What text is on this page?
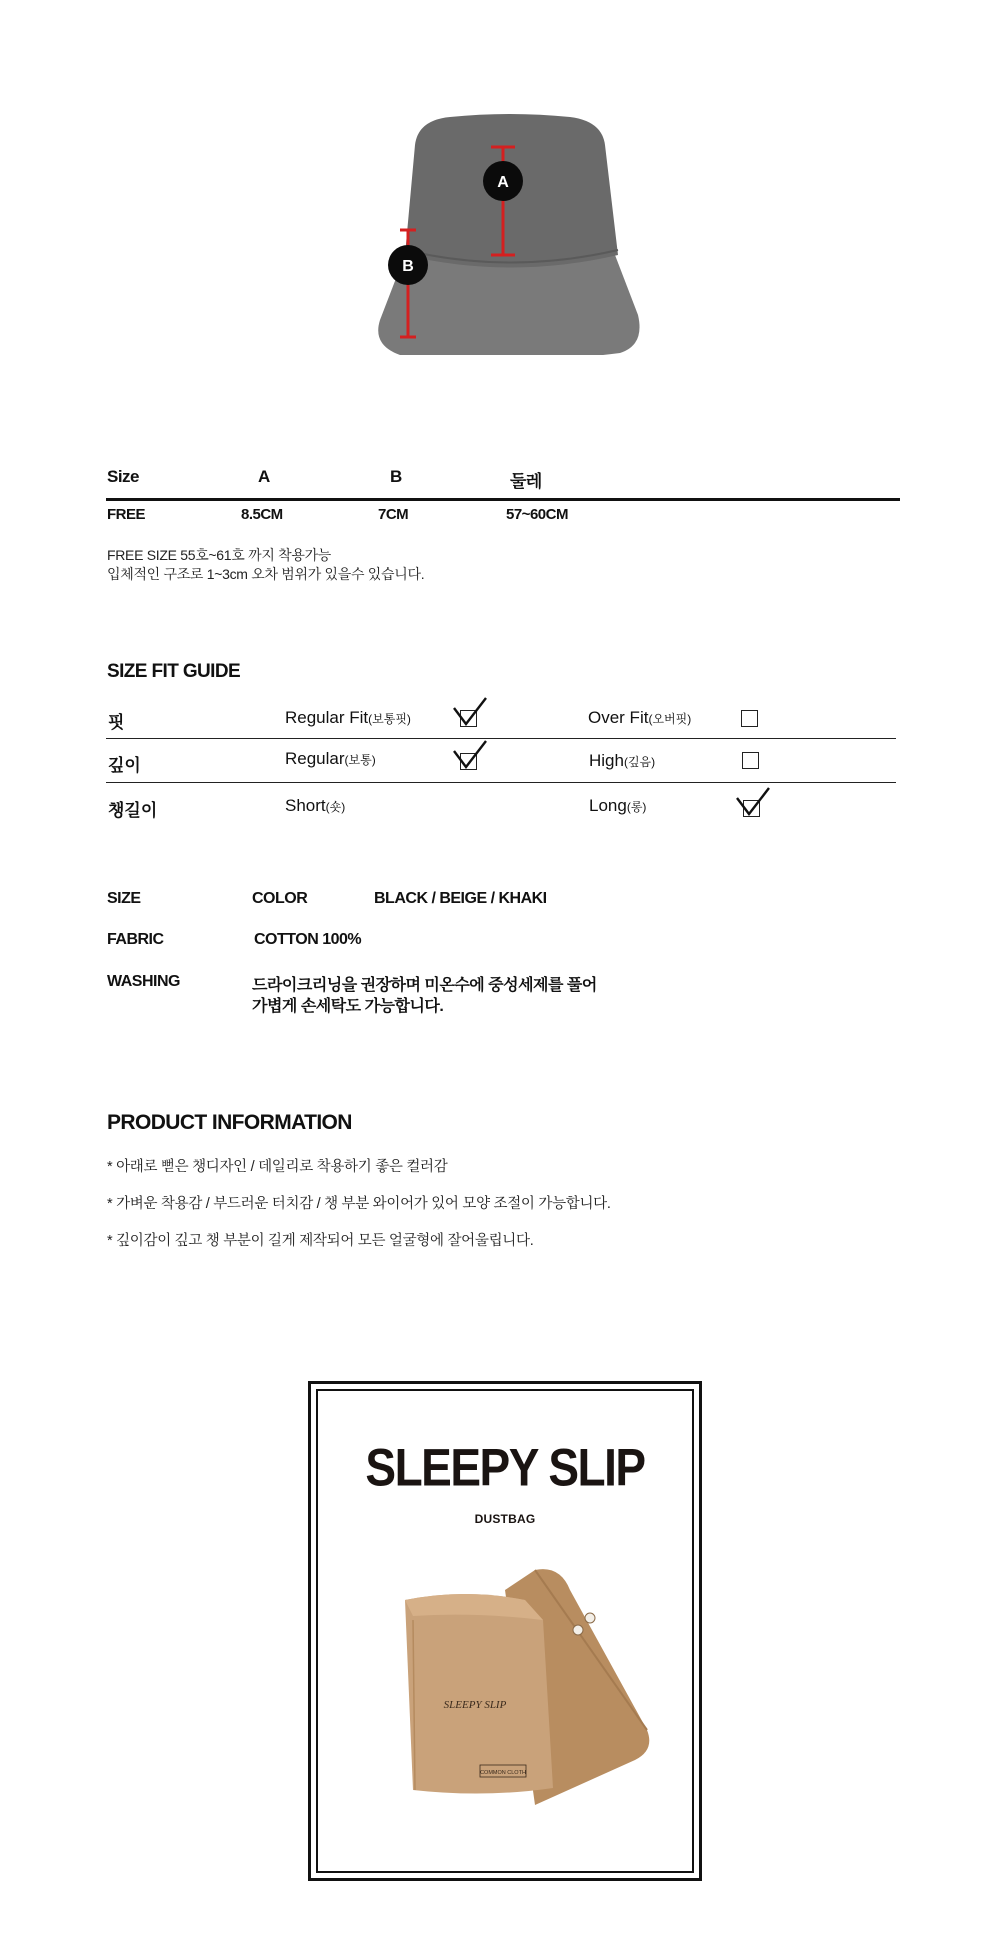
A
B
Size	A	B	둘레
FREE	8.5CM	7CM	57~60CM
FREE SIZE 55호~61호 까지 착용가능
입체적인 구조로 1~3cm 오차 범위가 있을수 있습니다.
SIZE FIT GUIDE
핏	Regular Fit(보통핏)	Over Fit(오버핏)
깊이	Regular(보통)	High(깊음)
챙길이	Short(숏)	Long(롱)
SIZE	COLOR	BLACK / BEIGE / KHAKI
FABRIC	COTTON 100%
WASHING	드라이크리닝을 권장하며 미온수에 중성세제를 풀어
가볍게 손세탁도 가능합니다.
PRODUCT INFORMATION
* 아래로 뻗은 챙디자인 / 데일리로 착용하기 좋은 컬러감
* 가벼운 착용감 / 부드러운 터치감 / 챙 부분 와이어가 있어 모양 조절이 가능합니다.
* 깊이감이 깊고 챙 부분이 길게 제작되어 모든 얼굴형에 잘어울립니다.
SLEEPY SLIP
DUSTBAG
SLEEPY SLIP
COMMON CLOTH
